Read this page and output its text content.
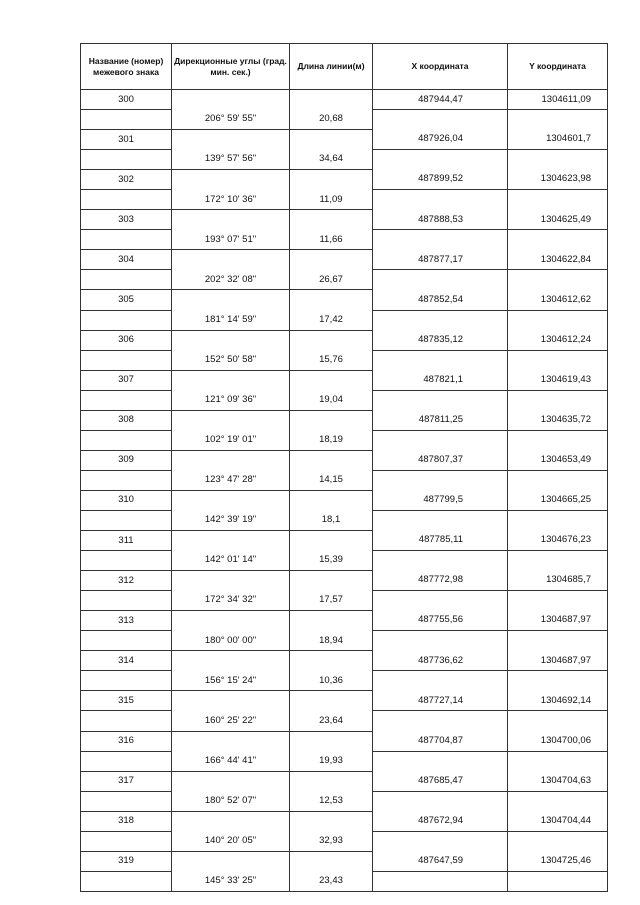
Название (номер) межевого знака	Дирекционные углы (град. мин. сек.)	Длина линии(м)	X координата	Y координата
300			487944,47	1304611,09
	206° 59' 55"	20,68		
301			487926,04	1304601,7
	139° 57' 56"	34,64		
302			487899,52	1304623,98
	172° 10' 36"	11,09		
303			487888,53	1304625,49
	193° 07' 51"	11,66		
304			487877,17	1304622,84
	202° 32' 08"	26,67		
305			487852,54	1304612,62
	181° 14' 59"	17,42		
306			487835,12	1304612,24
	152° 50' 58"	15,76		
307			487821,1	1304619,43
	121° 09' 36"	19,04		
308			487811,25	1304635,72
	102° 19' 01"	18,19		
309			487807,37	1304653,49
	123° 47' 28"	14,15		
310			487799,5	1304665,25
	142° 39' 19"	18,1		
311			487785,11	1304676,23
	142° 01' 14"	15,39		
312			487772,98	1304685,7
	172° 34' 32"	17,57		
313			487755,56	1304687,97
	180° 00' 00"	18,94		
314			487736,62	1304687,97
	156° 15' 24"	10,36		
315			487727,14	1304692,14
	160° 25' 22"	23,64		
316			487704,87	1304700,06
	166° 44' 41"	19,93		
317			487685,47	1304704,63
	180° 52' 07"	12,53		
318			487672,94	1304704,44
	140° 20' 05"	32,93		
319			487647,59	1304725,46
	145° 33' 25"	23,43		
